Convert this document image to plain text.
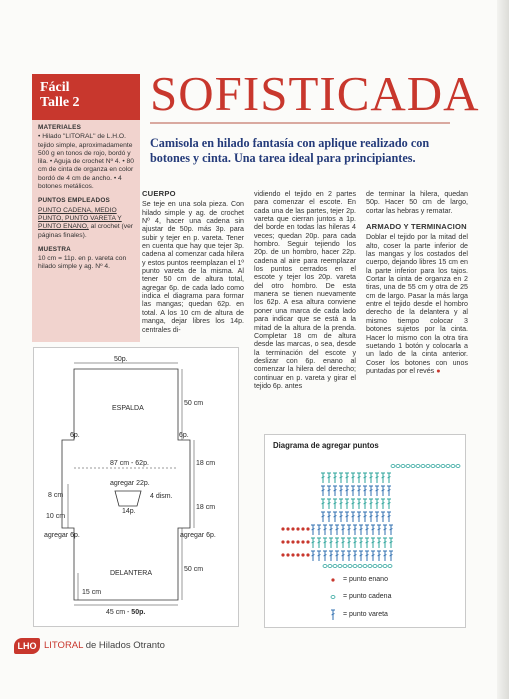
Fácil
Talle 2	SOFISTICADA
Camisola en hilado fantasía con aplique realizado con botones y cinta. Una tarea ideal para principiantes.
MATERIALES
• Hilado "LITORAL" de L.H.O. tejido simple, aproximadamente 500 g en tonos de rojo, bordó y lila. • Aguja de crochet Nº 4. • 80 cm de cinta de organza en color bordó de 4 cm de ancho. • 4 botones metálicos.
PUNTOS EMPLEADOS
PUNTO CADENA, MEDIO PUNTO, PUNTO VARETA Y PUNTO ENANO, al crochet (ver páginas finales).
MUESTRA
10 cm = 11p. en p. vareta con hilado simple y ag. Nº 4.
CUERPO

Se teje en una sola pieza. Con hilado simple y ag. de crochet Nº 4, hacer una cadena sin ajustar de 50p. más 3p. para subir y tejer en p. vareta. Tener en cuenta que hay que tejer 3p. cadena al comenzar cada hilera y estos puntos reemplazan el 1º punto vareta de la misma. Al tener 50 cm de altura total, agregar 6p. de cada lado como indica el diagrama para formar las mangas; quedan 62p. en total. A los 10 cm de altura de manga, dejar libres los 14p. centrales di-

vidiendo el tejido en 2 partes para comenzar el escote. En cada una de las partes, tejer 2p. vareta que cierran juntos a 1p. del borde en todas las hileras 4 veces; quedan 20p. para cada hombro. Seguir tejiendo los 20p. de un hombro, hacer 22p. cadena al aire para reemplazar los puntos cerrados en el escote y tejer los 20p. vareta del otro hombro. De esta manera se tienen nuevamente los 62p. A esa altura conviene poner una marca de cada lado para indicar que se está a la mitad de la altura de la prenda. Completar 18 cm de altura desde las marcas, o sea, desde la terminación del escote y deslizar con 6p. enano al comenzar la hilera del derecho; continuar en p. vareta y girar el tejido 6p. antes

de terminar la hilera, quedan 50p. Hacer 50 cm de largo, cortar las hebras y rematar.

ARMADO Y TERMINACION

Doblar el tejido por la mitad del alto, coser la parte inferior de las mangas y los costados del cuerpo, dejando libres 15 cm en la parte inferior para los tajos. Cortar la cinta de organza en 2 tiras, una de 55 cm y otra de 25 cm de largo. Pasar la más larga entre el tejido desde el hombro derecho de la delantera y al mismo tiempo colocar 3 botones sujetos por la cinta. Hacer lo mismo con la otra tira suetando 1 botón y colocarla a un lado de la cinta anterior. Coser los botones con unos puntadas por el revés ●

50p.
ESPALDA
50 cm
6p.	6p.
87 cm - 62p.	18 cm
agregar 22p.
4 dism.
14p.
18 cm
8 cm
10 cm
agregar 6p.	agregar 6p.
DELANTERA
50 cm
15 cm
45 cm - 50p.
Diagrama de agregar puntos
= punto enano
= punto cadena
= punto vareta
LHO LITORAL de Hilados Otranto
